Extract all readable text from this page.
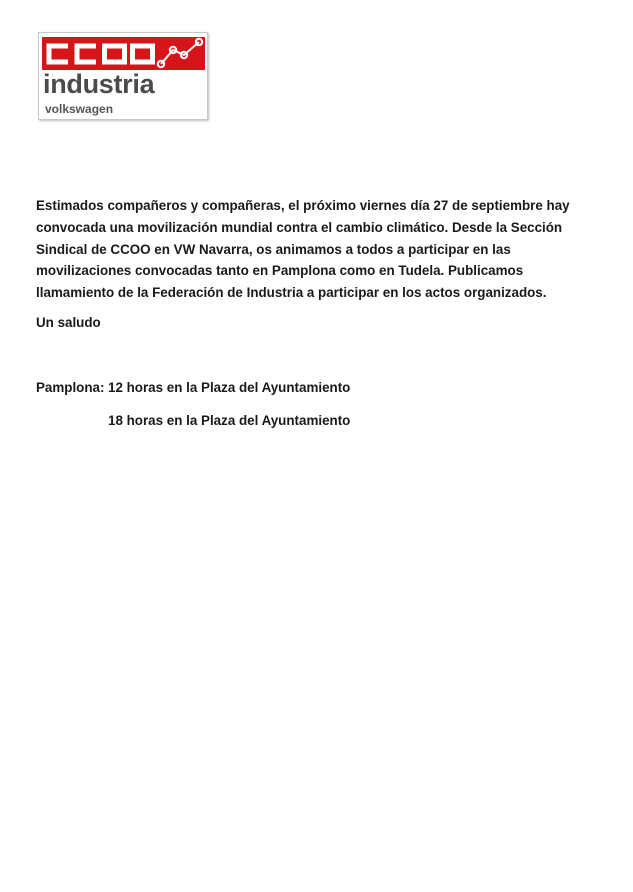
industria
volkswagen

Estimados compañeros y compañeras, el próximo viernes día 27 de septiembre hay convocada una movilización mundial contra el cambio climático. Desde la Sección Sindical de CCOO en VW Navarra, os animamos a todos a participar en las movilizaciones convocadas tanto en Pamplona como en Tudela. Publicamos llamamiento de la Federación de Industria a participar en los actos organizados.

Un saludo

Pamplona: 12 horas en la Plaza del Ayuntamiento
18 horas en la Plaza del Ayuntamiento
